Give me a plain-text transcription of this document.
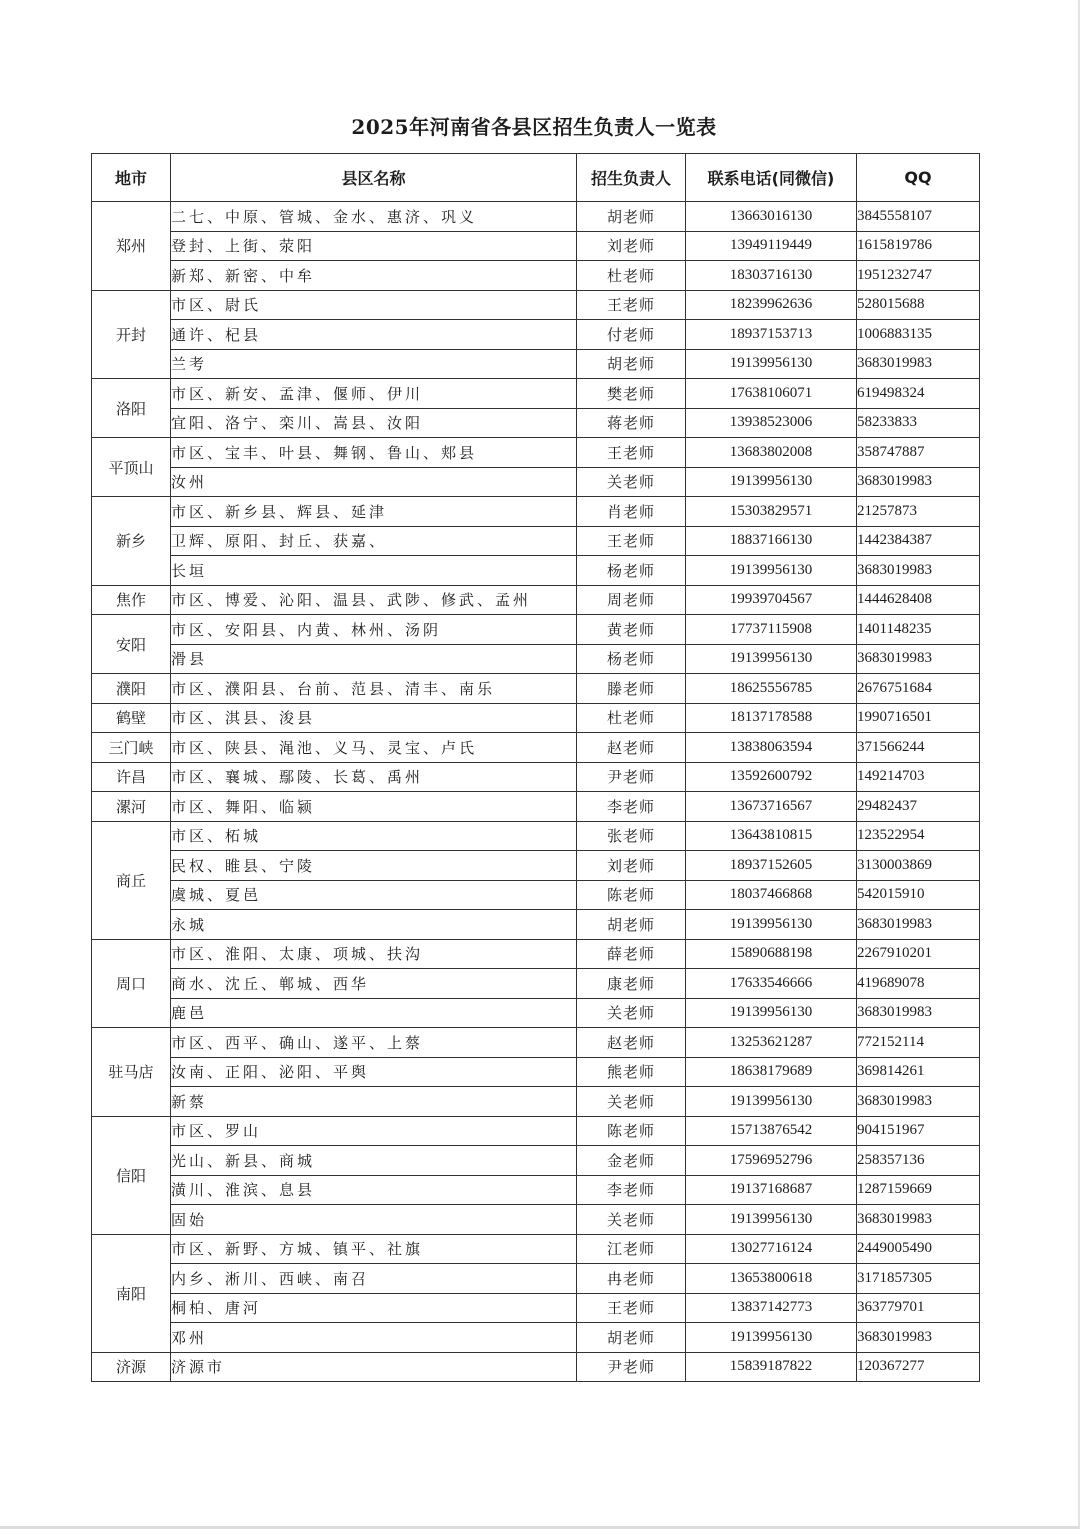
2025年河南省各县区招生负责人一览表
地市	县区名称	招生负责人	联系电话(同微信)	QQ
郑州	二七、中原、管城、金水、惠济、巩义	胡老师	13663016130	3845558107
	登封、上街、荥阳	刘老师	13949119449	1615819786
	新郑、新密、中牟	杜老师	18303716130	1951232747
开封	市区、尉氏	王老师	18239962636	528015688
	通许、杞县	付老师	18937153713	1006883135
	兰考	胡老师	19139956130	3683019983
洛阳	市区、新安、孟津、偃师、伊川	樊老师	17638106071	619498324
	宜阳、洛宁、栾川、嵩县、汝阳	蒋老师	13938523006	58233833
平顶山	市区、宝丰、叶县、舞钢、鲁山、郏县	王老师	13683802008	358747887
	汝州	关老师	19139956130	3683019983
新乡	市区、新乡县、辉县、延津	肖老师	15303829571	21257873
	卫辉、原阳、封丘、获嘉、	王老师	18837166130	1442384387
	长垣	杨老师	19139956130	3683019983
焦作	市区、博爱、沁阳、温县、武陟、修武、孟州	周老师	19939704567	1444628408
安阳	市区、安阳县、内黄、林州、汤阴	黄老师	17737115908	1401148235
	滑县	杨老师	19139956130	3683019983
濮阳	市区、濮阳县、台前、范县、清丰、南乐	滕老师	18625556785	2676751684
鹤壁	市区、淇县、浚县	杜老师	18137178588	1990716501
三门峡	市区、陕县、渑池、义马、灵宝、卢氏	赵老师	13838063594	371566244
许昌	市区、襄城、鄢陵、长葛、禹州	尹老师	13592600792	149214703
漯河	市区、舞阳、临颍	李老师	13673716567	29482437
商丘	市区、柘城	张老师	13643810815	123522954
	民权、睢县、宁陵	刘老师	18937152605	3130003869
	虞城、夏邑	陈老师	18037466868	542015910
	永城	胡老师	19139956130	3683019983
周口	市区、淮阳、太康、项城、扶沟	薛老师	15890688198	2267910201
	商水、沈丘、郸城、西华	康老师	17633546666	419689078
	鹿邑	关老师	19139956130	3683019983
驻马店	市区、西平、确山、遂平、上蔡	赵老师	13253621287	772152114
	汝南、正阳、泌阳、平舆	熊老师	18638179689	369814261
	新蔡	关老师	19139956130	3683019983
信阳	市区、罗山	陈老师	15713876542	904151967
	光山、新县、商城	金老师	17596952796	258357136
	潢川、淮滨、息县	李老师	19137168687	1287159669
	固始	关老师	19139956130	3683019983
南阳	市区、新野、方城、镇平、社旗	江老师	13027716124	2449005490
	内乡、淅川、西峡、南召	冉老师	13653800618	3171857305
	桐柏、唐河	王老师	13837142773	363779701
	邓州	胡老师	19139956130	3683019983
济源	济源市	尹老师	15839187822	120367277
